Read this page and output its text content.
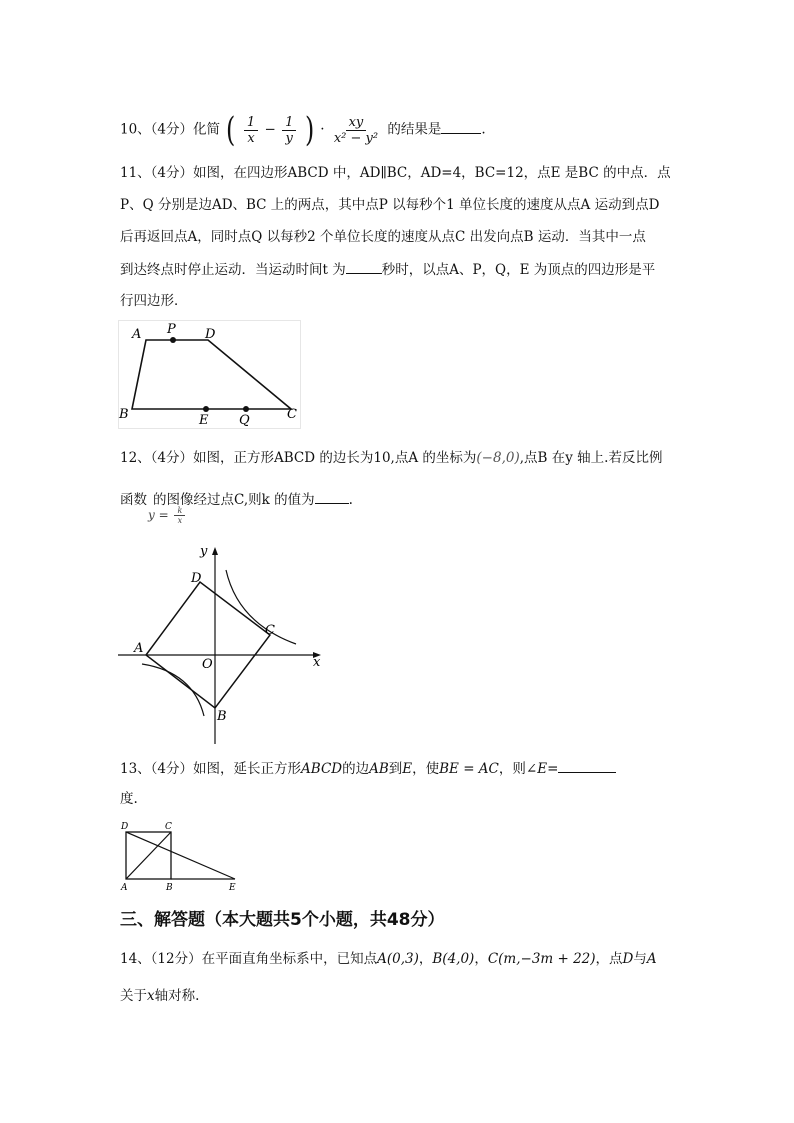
10、（4分）化简 ( $\frac{1}{x} - \frac{1}{y}$ ) · $\frac{xy}{\text{x² − y²}}$ 的结果是	.
11、（4分）如图，在四边形ABCD 中，AD∥BC，AD=4，BC=12，点E 是BC 的中点．点
P、Q 分别是边AD、BC 上的两点，其中点P 以每秒个1 单位长度的速度从点A 运动到点D
后再返回点A，同时点Q 以每秒2 个单位长度的速度从点C 出发向点B 运动．当其中一点
到达终点时停止运动．当运动时间t 为	秒时，以点A、P，Q，E 为顶点的四边形是平
行四边形．
A P D
B	E Q	C
12、（4分）如图，正方形ABCD 的边长为10,点A 的坐标为(−8,0),点B 在y 轴上.若反比例
函数 的图像经过点C,则k 的值为	.
$y = \frac{k}{x}$
y
x
D
C
A
O
B
13、（4分）如图，延长正方形ABCD的边AB到E，使BE = AC，则∠E=
度.
D	C
A	B	E
三、解答题（本大题共5个小题，共48分）
14、（12分）在平面直角坐标系中，已知点A(0,3)，B(4,0)，C(m,−3m + 22)，点D与A
关于x轴对称.
